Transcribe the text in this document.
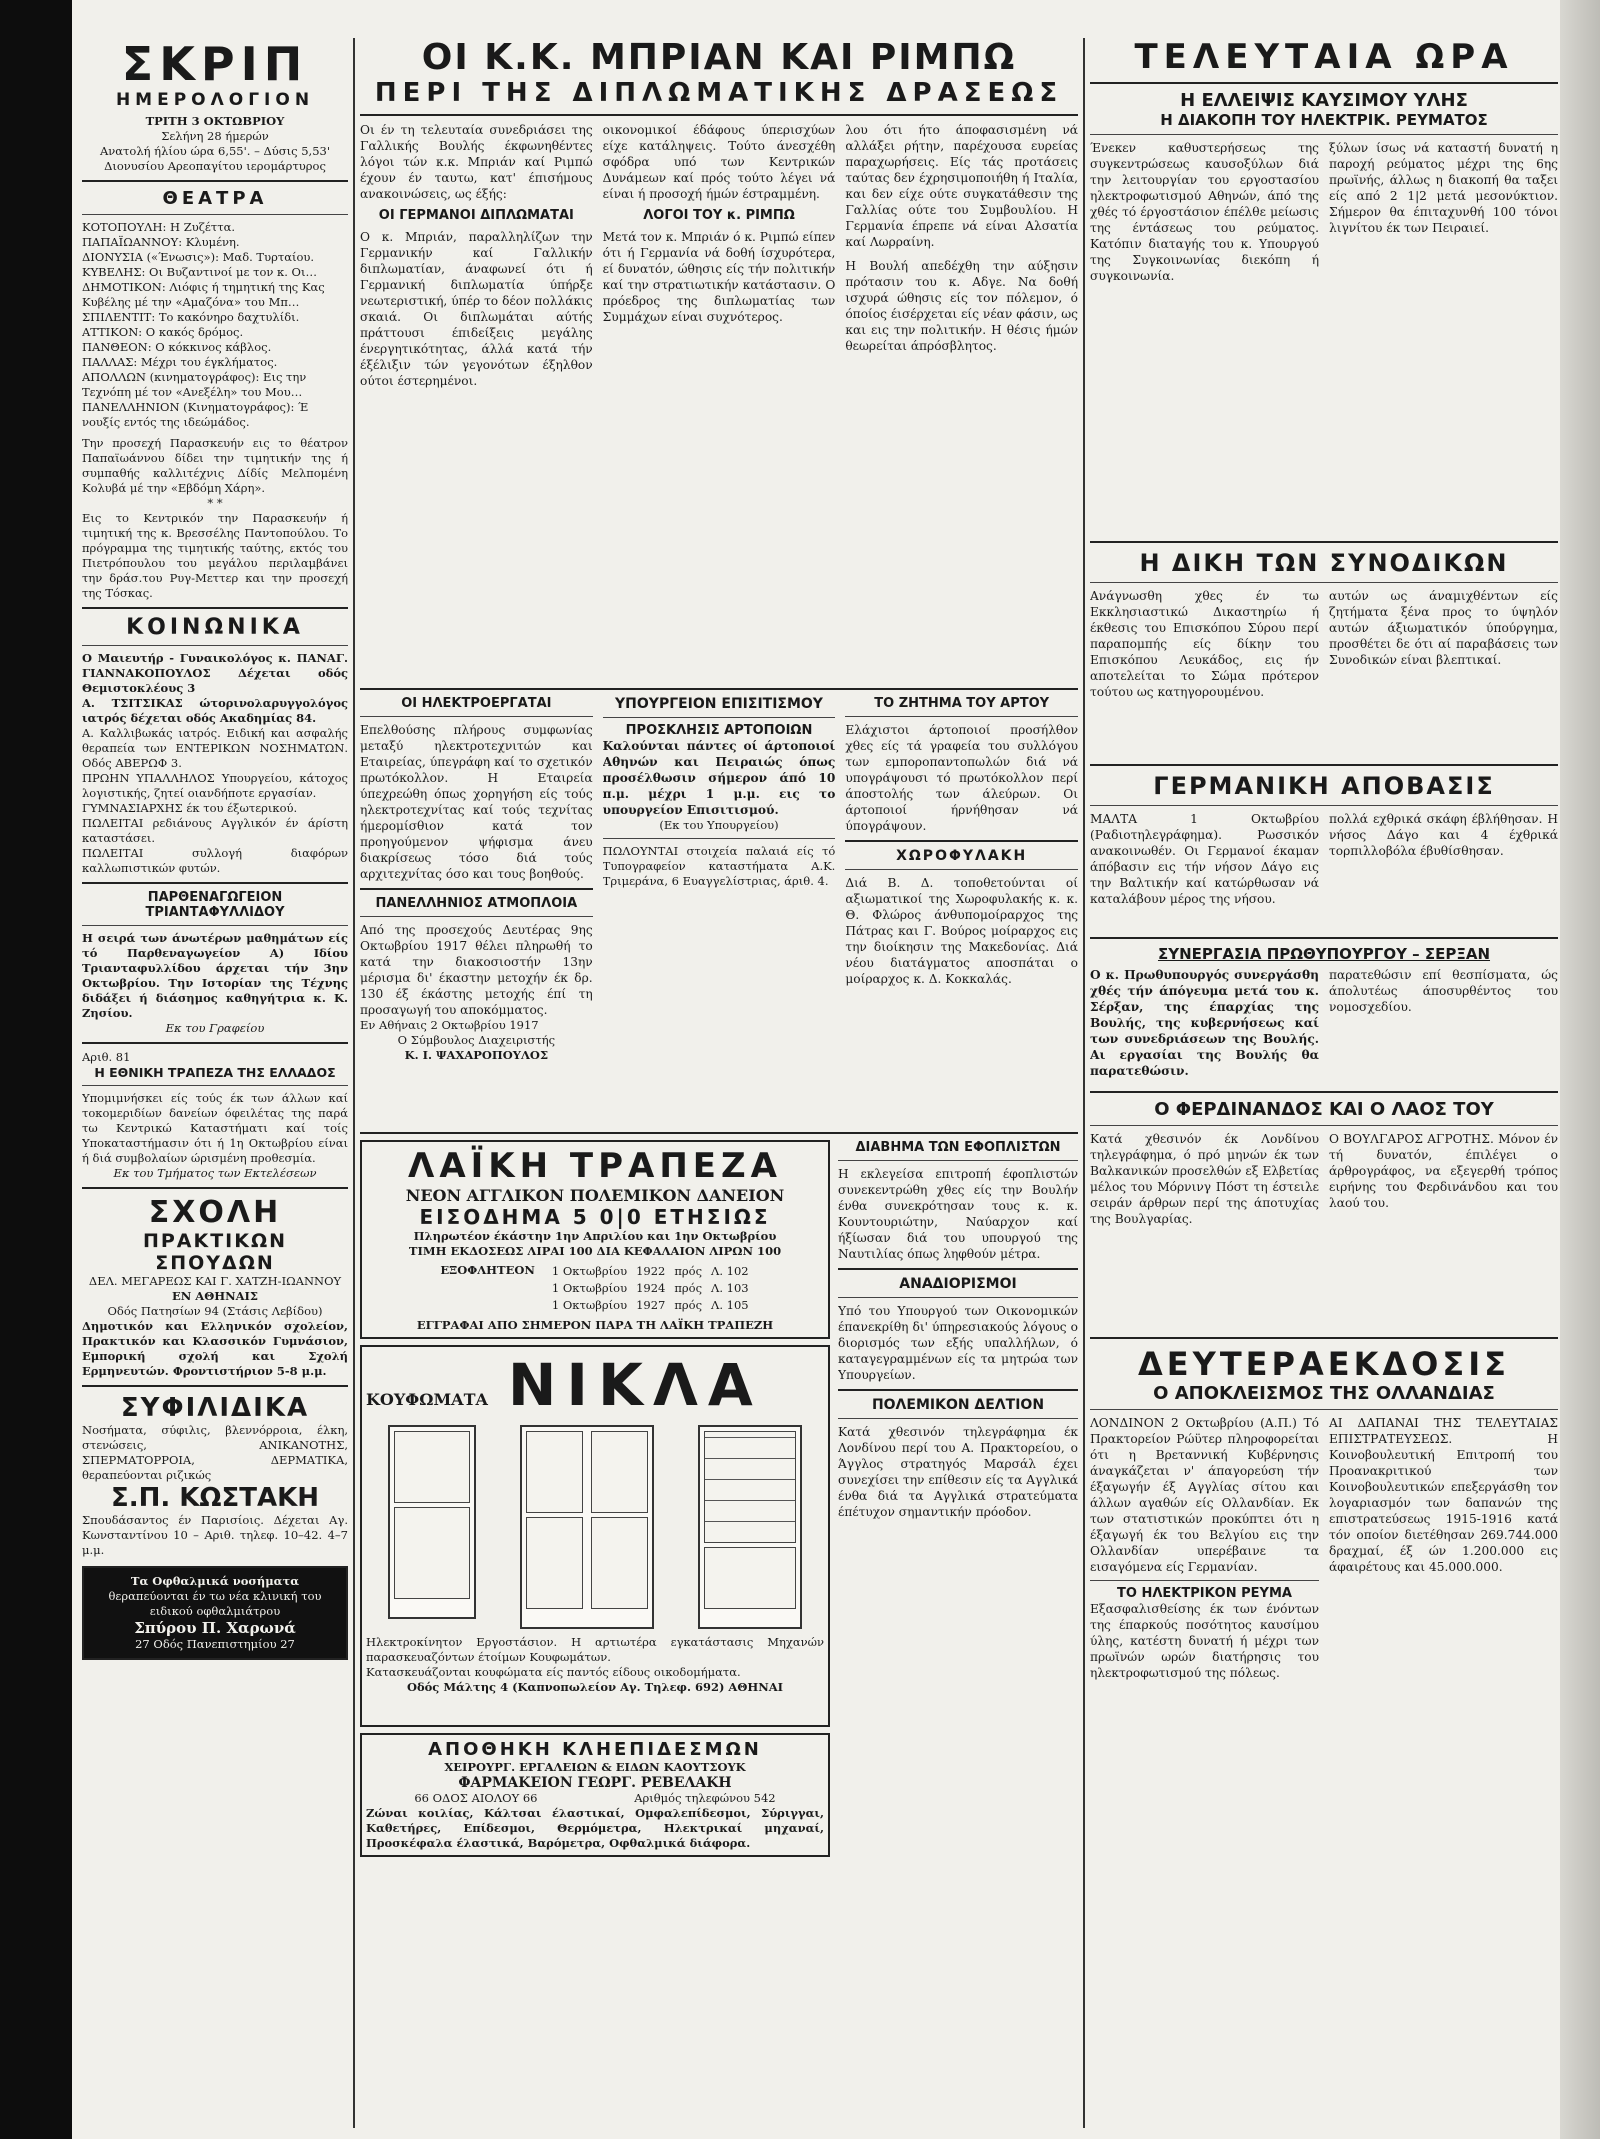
ΣΚΡΙΠ
ΗΜΕΡΟΛΟΓΙΟΝ
ΤΡΙΤΗ 3 ΟΚΤΩΒΡΙΟΥ
Σελήνη 28 ήμερών
Ανατολή ήλίου ώρα 6,55'. – Δύσις 5,53'
Διονυσίου Αρεοπαγίτου ιερομάρτυρος
ΘΕΑΤΡΑ
ΚΟΤΟΠΟΥΛΗ: Η Ζυζέττα.
ΠΑΠΑΪΩΑΝΝΟΥ: Κλυμένη.
ΔΙΟΝΥΣΙΑ («Ένωσις»): Μαδ. Τυρταίου.
ΚΥΒΕΛΗΣ: Οι Βυζαντινοί με τον κ. Οι…
ΔΗΜΟΤΙΚΟΝ: Λιόφις ή τημητική της Κας Κυβέλης μέ την «Αμαζόνα» του Μπ…
ΣΠΙΛΕΝΤΙΤ: Το κακόνηρο δαχτυλίδι.
ΑΤΤΙΚΟΝ: Ο κακός δρόμος.
ΠΑΝΘΕΟΝ: Ο κόκκινος κάβλος.
ΠΑΛΛΑΣ: Μέχρι του έγκλήματος.
ΑΠΟΛΛΩΝ (κινηματογράφος): Εις την Τεχνόπη μέ τον «Ανεξέλη» του Μου…
ΠΑΝΕΛΛΗΝΙΟΝ (Κινηματογράφος): Έ νουξίς εντός της ιδεώμάδος.
Την προσεχή Παρασκευήν εις το θέατρον Παπαϊωάννου δίδει την τιμητικήν της ή συμπαθής καλλιτέχνις Δίδίς Μελπομένη Κολυβά μέ την «Εβδόμη Χάρη».
* *
Εις το Κεντρικόν την Παρασκευήν ή τιμητική της κ. Βρεσσέλης Παντοπούλου. Το πρόγραμμα της τιμητικής ταύτης, εκτός του Πιετρόπουλου του μεγάλου περιλαμβάνει την δράσ.του Ρυγ-Μεττερ και την προσεχή της Τόσκας.
ΚΟΙΝΩΝΙΚΑ
Ο Μαιευτήρ - Γυναικολόγος κ. ΠΑΝΑΓ. ΓΙΑΝΝΑΚΟΠΟΥΛΟΣ Δέχεται οδός Θεμιστοκλέους 3
Α. ΤΣΙΤΣΙΚΑΣ ώτορινολαρυγγολόγος ιατρός δέχεται οδός Ακαδημίας 84.
Α. Καλλιβωκάς ιατρός. Ειδική και ασφαλής θεραπεία των ΕΝΤΕΡΙΚΩΝ ΝΟΣΗΜΑΤΩΝ. Οδός ΑΒΕΡΩΦ 3.
ΠΡΩΗΝ ΥΠΑΛΛΗΛΟΣ Υπουργείου, κάτοχος λογιστικής, ζητεί οιανδήποτε εργασίαν.
ΓΥΜΝΑΣΙΑΡΧΗΣ έκ του έξωτερικού.
ΠΩΛΕΙΤΑΙ ρεδιάνους Αγγλικόν έν άρίστη καταστάσει.
ΠΩΛΕΙΤΑΙ συλλογή διαφόρων καλλωπιστικών φυτών.
ΠΑΡΘΕΝΑΓΩΓΕΙΟΝ ΤΡΙΑΝΤΑΦΥΛΛΙΔΟΥ
Η σειρά των άνωτέρων μαθημάτων είς τό Παρθεναγωγείον Α) Ιδίου Τριανταφυλλίδου άρχεται τήν 3ην Οκτωβρίου. Την Ιστορίαν της Τέχνης διδάξει ή διάσημος καθηγήτρια κ. Κ. Ζησίου.
Εκ του Γραφείου
Αριθ. 81
Η ΕΘΝΙΚΗ ΤΡΑΠΕΖΑ ΤΗΣ ΕΛΛΑΔΟΣ
Υπομιμνήσκει είς τούς έκ των άλλων καί τοκομεριδίων δανείων όφειλέτας της παρά τω Κεντρικώ Καταστήματι καί τοίς Υποκαταστήμασιν ότι ή 1η Οκτωβρίου είναι ή διά συμβολαίων ώρισμένη προθεσμία.
Εκ του Τμήματος των Εκτελέσεων
ΣΧΟΛΗ
ΠΡΑΚΤΙΚΩΝ ΣΠΟΥΔΩΝ
ΔΕΛ. ΜΕΓΑΡΕΩΣ ΚΑΙ Γ. ΧΑΤΖΗ-ΙΩΑΝΝΟΥ
ΕΝ ΑΘΗΝΑΙΣ
Οδός Πατησίων 94 (Στάσις Λεβίδου)
Δημοτικόν και Ελληνικόν σχολείον, Πρακτικόν και Κλασσικόν Γυμνάσιον, Εμπορική σχολή και Σχολή Ερμηνευτών. Φροντιστήριον 5-8 μ.μ.
ΣΥΦΙΛΙΔΙΚΑ
Νοσήματα, σύφιλις, βλεννόρροια, έλκη, στενώσεις, ΑΝΙΚΑΝΟΤΗΣ, ΣΠΕΡΜΑΤΟΡΡΟΙΑ, ΔΕΡΜΑΤΙΚΑ, θεραπεύονται ριζικώς
Σ.Π. ΚΩΣΤΑΚΗ
Σπουδάσαντος έν Παρισίοις. Δέχεται Αγ. Κωνσταντίνου 10 – Αριθ. τηλεφ. 10–42. 4–7 μ.μ.
Τα Οφθαλμικά νοσήματα
θεραπεύονται έν τω νέα κλινική του ειδικού οφθαλμιάτρου
Σπύρου Π. Χαρωνά
27 Οδός Πανεπιστημίου 27
ΟΙ Κ.Κ. ΜΠΡΙΑΝ ΚΑΙ ΡΙΜΠΩ
ΠΕΡΙ ΤΗΣ ΔΙΠΛΩΜΑΤΙΚΗΣ ΔΡΑΣΕΩΣ
Οι έν τη τελευταία συνεδριάσει της Γαλλικής Βουλής έκφωνηθέντες λόγοι τών κ.κ. Μπριάν καί Ριμπώ έχουν έν ταυτω, κατ' έπισήμους ανακοινώσεις, ως έξής:
ΟΙ ΓΕΡΜΑΝΟΙ ΔΙΠΛΩΜΑΤΑΙ
Ο κ. Μπριάν, παραλληλίζων την Γερμανικήν καί Γαλλικήν διπλωματίαν, άναφωνεί ότι ή Γερμανική διπλωματία ύπήρξε νεωτεριστική, ύπέρ το δέον πολλάκις σκαιά. Οι διπλωμάται αύτής πράττουσι έπιδείξεις μεγάλης ένεργητικότητας, άλλά κατά τήν έξέλιξιν τών γεγονότων έξηλθον ούτοι έστερημένοι.
οικονομικοί έδάφους ύπερισχύων είχε κατάληψεις. Τούτο άνεσχέθη σφόδρα υπό των Κεντρικών Δυνάμεων καί πρός τούτο λέγει νά είναι ή προσοχή ήμών έστραμμένη.
ΛΟΓΟΙ ΤΟΥ κ. ΡΙΜΠΩ
Μετά τον κ. Μπριάν ό κ. Ριμπώ είπεν ότι ή Γερμανία νά δοθή ίσχυρότερα, εί δυνατόν, ώθησις είς τήν πολιτικήν καί την στρατιωτικήν κατάστασιν. Ο πρόεδρος της διπλωματίας των Συμμάχων είναι συχνότερος.
λου ότι ήτο άποφασισμένη νά αλλάξει ρήτην, παρέχουσα ευρείας παραχωρήσεις. Είς τάς προτάσεις ταύτας δεν έχρησιμοποιήθη ή Ιταλία, και δεν είχε ούτε συγκατάθεσιν της Γαλλίας ούτε του Συμβουλίου. Η Γερμανία έπρεπε νά είναι Αλσατία καί Λωρραίνη.
Η Βουλή απεδέχθη την αύξησιν πρότασιν του κ. Αδγε. Να δοθή ισχυρά ώθησις είς τον πόλεμον, ό όποίος έισέρχεται είς νέαν φάσιν, ως και εις την πολιτικήν. Η θέσις ήμών θεωρείται άπρόσβλητος.
ΟΙ ΗΛΕΚΤΡΟΕΡΓΑΤΑΙ
Επελθούσης πλήρους συμφωνίας μεταξύ ηλεκτροτεχνιτών και Εταιρείας, ύπεγράφη καί το σχετικόν πρωτόκολλον. Η Εταιρεία ύπεχρεώθη όπως χορηγήση είς τούς ηλεκτροτεχνίτας καί τούς τεχνίτας ήμερομίσθιον κατά τον προηγούμενον ψήφισμα άνευ διακρίσεως τόσο διά τούς αρχιτεχνίτας όσο και τους βοηθούς.
ΠΑΝΕΛΛΗΝΙΟΣ ΑΤΜΟΠΛΟΙΑ
Από της προσεχούς Δευτέρας 9ης Οκτωβρίου 1917 θέλει πληρωθή το κατά την διακοσιοστήν 13ην μέρισμα δι' έκαστην μετοχήν έκ δρ. 130 έξ έκάστης μετοχής έπί τη προσαγωγή του αποκόμματος.
Εν Αθήναις 2 Οκτωβρίου 1917
Ο Σύμβουλος Διαχειριστής
Κ. Ι. ΨΑΧΑΡΟΠΟΥΛΟΣ
ΥΠΟΥΡΓΕΙΟΝ ΕΠΙΣΙΤΙΣΜΟΥ
ΠΡΟΣΚΛΗΣΙΣ ΑΡΤΟΠΟΙΩΝ
Καλούνται πάντες οί άρτοποιοί Αθηνών και Πειραιώς όπως προσέλθωσιν σήμερον άπό 10 π.μ. μέχρι 1 μ.μ. εις το υπουργείον Επισιτισμού.
(Εκ του Υπουργείου)
ΠΩΛΟΥΝΤΑΙ στοιχεία παλαιά είς τό Τυπογραφείον καταστήματα Α.Κ. Τριμεράνα, 6 Ευαγγελίστριας, άριθ. 4.
ΤΟ ΖΗΤΗΜΑ ΤΟΥ ΑΡΤΟΥ
Ελάχιστοι άρτοποιοί προσήλθον χθες είς τά γραφεία του συλλόγου των εμποροπαντοπωλών διά νά υπογράψουσι τό πρωτόκολλον περί άποστολής των άλεύρων. Οι άρτοποιοί ήρνήθησαν νά ύπογράψουν.
ΧΩΡΟΦΥΛΑΚΗ
Διά Β. Δ. τοποθετούνται οί αξιωματικοί της Χωροφυλακής κ. κ. Θ. Φλώρος άνθυπομοίραρχος της Πάτρας και Γ. Βούρος μοίραρχος εις την διοίκησιν της Μακεδονίας. Διά νέου διατάγματος αποσπάται ο μοίραρχος κ. Δ. Κοκκαλάς.
ΛΑΪΚΗ ΤΡΑΠΕΖΑ
ΝΕΟΝ ΑΓΓΛΙΚΟΝ ΠΟΛΕΜΙΚΟΝ ΔΑΝΕΙΟΝ
ΕΙΣΟΔΗΜΑ 5 0|0 ΕΤΗΣΙΩΣ
Πληρωτέον έκάστην 1ην Απριλίου και 1ην Οκτωβρίου
ΤΙΜΗ ΕΚΔΟΣΕΩΣ ΛΙΡΑΙ 100 ΔΙΑ ΚΕΦΑΛΑΙΟΝ ΛΙΡΩΝ 100
ΕΞΟΦΛΗΤΕΟΝ 1 Οκτωβρίου	1922	πρός	Λ. 102
1 Οκτωβρίου	1924	πρός	Λ. 103
1 Οκτωβρίου	1927	πρός	Λ. 105
ΕΓΓΡΑΦΑΙ ΑΠΟ ΣΗΜΕΡΟΝ ΠΑΡΑ ΤΗ ΛΑΪΚΗ ΤΡΑΠΕΖΗ
ΚΟΥΦΩΜΑΤΑ ΝΙΚΛΑ
Ηλεκτροκίνητον Εργοστάσιον. Η αρτιωτέρα εγκατάστασις Μηχανών παρασκευαζόντων έτοίμων Κουφωμάτων.
Κατασκευάζονται κουφώματα είς παντός είδους οικοδομήματα.
Οδός Μάλτης 4 (Καπνοπωλείον Αγ. Τηλεφ. 692) ΑΘΗΝΑΙ
ΑΠΟΘΗΚΗ ΚΛΗΕΠΙΔΕΣΜΩΝ
ΧΕΙΡΟΥΡΓ. ΕΡΓΑΛΕΙΩΝ & ΕΙΔΩΝ ΚΑΟΥΤΣΟΥΚ
ΦΑΡΜΑΚΕΙΟΝ ΓΕΩΡΓ. ΡΕΒΕΛΑΚΗ
66 ΟΔΟΣ ΑΙΟΛΟΥ 66	Αριθμός τηλεφώνου 542
Ζώναι κοιλίας, Κάλτσαι έλαστικαί, Ομφαλεπίδεσμοι, Σύριγγαι, Καθετήρες, Επίδεσμοι, Θερμόμετρα, Ηλεκτρικαί μηχαναί, Προσκέφαλα έλαστικά, Βαρόμετρα, Οφθαλμικά διάφορα.
ΔΙΑΒΗΜΑ ΤΩΝ ΕΦΟΠΛΙΣΤΩΝ
Η εκλεγείσα επιτροπή έφοπλιστών συνεκεντρώθη χθες είς την Βουλήν ένθα συνεκρότησαν τους κ. κ. Κουντουριώτην, Ναύαρχον καί ήξίωσαν διά του υπουργού της Ναυτιλίας όπως ληφθούν μέτρα.
ΑΝΑΔΙΟΡΙΣΜΟΙ
Υπό του Υπουργού των Οικονομικών έπανεκρίθη δι' ύπηρεσιακούς λόγους ο διορισμός των εξής υπαλλήλων, ό καταγεγραμμένων είς τα μητρώα των Υπουργείων.
ΠΟΛΕΜΙΚΟΝ ΔΕΛΤΙΟΝ
Κατά χθεσινόν τηλεγράφημα έκ Λονδίνου περί του Α. Πρακτορείου, ο Άγγλος στρατηγός Μαρσάλ έχει συνεχίσει την επίθεσιν είς τα Αγγλικά ένθα διά τα Αγγλικά στρατεύματα έπέτυχον σημαντικήν πρόοδον.
ΤΕΛΕΥΤΑΙΑ ΩΡΑ
Η ΕΛΛΕΙΨΙΣ ΚΑΥΣΙΜΟΥ ΥΛΗΣ
Η ΔΙΑΚΟΠΗ ΤΟΥ ΗΛΕΚΤΡΙΚ. ΡΕΥΜΑΤΟΣ
Ένεκεν καθυστερήσεως της συγκεντρώσεως καυσοξύλων διά την λειτουργίαν του εργοστασίου ηλεκτροφωτισμού Αθηνών, άπό της χθές τό έργοστάσιον έπέλθε μείωσις της έντάσεως του ρεύματος. Κατόπιν διαταγής του κ. Υπουργού της Συγκοινωνίας διεκόπη ή συγκοινωνία.
ξύλων ίσως νά καταστή δυνατή η παροχή ρεύματος μέχρι της 6ης πρωϊνής, άλλως η διακοπή θα ταξει είς από 2 1|2 μετά μεσονύκτιον. Σήμερον θα έπιταχυνθή 100 τόνοι λιγνίτου έκ των Πειραιεί.
Η ΔΙΚΗ ΤΩΝ ΣΥΝΟΔΙΚΩΝ
Ανάγνωσθη χθες έν τω Εκκλησιαστικώ Δικαστηρίω ή έκθεσις του Επισκόπου Σύρου περί παραπομπής είς δίκην του Επισκόπου Λευκάδος, εις ήν αποτελείται το Σώμα πρότερον τούτου ως κατηγορουμένου.
αυτών ως άναμιχθέντων είς ζητήματα ξένα προς το ύψηλόν αυτών άξιωματικόν ύπούργημα, προσθέτει δε ότι αί παραβάσεις των Συνοδικών είναι βλεπτικαί.
ΓΕΡΜΑΝΙΚΗ ΑΠΟΒΑΣΙΣ
ΜΑΛΤΑ 1 Οκτωβρίου (Ραδιοτηλεγράφημα). Ρωσσικόν ανακοινωθέν. Οι Γερμανοί έκαμαν άπόβασιν εις τήν νήσον Δάγο εις την Βαλτικήν καί κατώρθωσαν νά καταλάβουν μέρος της νήσου.
πολλά εχθρικά σκάφη έβλήθησαν. Η νήσος Δάγο και 4 έχθρικά τορπιλλοβόλα έβυθίσθησαν.
ΣΥΝΕΡΓΑΣΙΑ ΠΡΩΘΥΠΟΥΡΓΟΥ – ΣΕΡΞΑΝ
Ο κ. Πρωθυπουργός συνεργάσθη χθές τήν άπόγευμα μετά του κ. Σέρξαν, της έπαρχίας της Βουλής, της κυβερνήσεως καί των συνεδριάσεων της Βουλής. Αι εργασίαι της Βουλής θα παρατεθώσιν.
παρατεθώσιν επί θεσπίσματα, ώς άπολυτέως άποσυρθέντος του νομοσχεδίου.
Ο ΦΕΡΔΙΝΑΝΔΟΣ ΚΑΙ Ο ΛΑΟΣ ΤΟΥ
Κατά χθεσινόν έκ Λονδίνου τηλεγράφημα, ό πρό μηνών έκ των Βαλκανικών προσελθών εξ Ελβετίας μέλος του Μόρνινγ Πόστ τη έστειλε σειράν άρθρων περί της άποτυχίας της Βουλγαρίας.
Ο ΒΟΥΛΓΑΡΟΣ ΑΓΡΟΤΗΣ. Μόνον έν τή δυνατόν, έπιλέγει ο άρθρογράφος, να εξεγερθή τρόπος ειρήνης του Φερδινάνδου και του λαού του.
ΔΕΥΤΕΡΑΕΚΔΟΣΙΣ
Ο ΑΠΟΚΛΕΙΣΜΟΣ ΤΗΣ ΟΛΛΑΝΔΙΑΣ
ΛΟΝΔΙΝΟΝ 2 Οκτωβρίου (Α.Π.) Τό Πρακτορείον Ρώϋτερ πληροφορείται ότι η Βρεταννική Κυβέρνησις άναγκάζεται ν' άπαγορεύση τήν έξαγωγήν έξ Αγγλίας σίτου και άλλων αγαθών είς Ολλανδίαν. Εκ των στατιστικών προκύπτει ότι η έξαγωγή έκ του Βελγίου εις την Ολλανδίαν υπερέβαινε τα εισαγόμενα είς Γερμανίαν.
ΤΟ ΗΛΕΚΤΡΙΚΟΝ ΡΕΥΜΑ
Εξασφαλισθείσης έκ των ένόντων της έπαρκούς ποσότητος καυσίμου ύλης, κατέστη δυνατή ή μέχρι των πρωϊνών ωρών διατήρησις του ηλεκτροφωτισμού της πόλεως.
ΑΙ ΔΑΠΑΝΑΙ ΤΗΣ ΤΕΛΕΥΤΑΙΑΣ ΕΠΙΣΤΡΑΤΕΥΣΕΩΣ. Η Κοινοβουλευτική Επιτροπή του Προανακριτικού των Κοινοβουλευτικών επεξεργάσθη τον λογαριασμόν των δαπανών της επιστρατεύσεως 1915-1916 κατά τόν οποίον διετέθησαν 269.744.000 δραχμαί, έξ ών 1.200.000 εις άφαιρέτους και 45.000.000.
